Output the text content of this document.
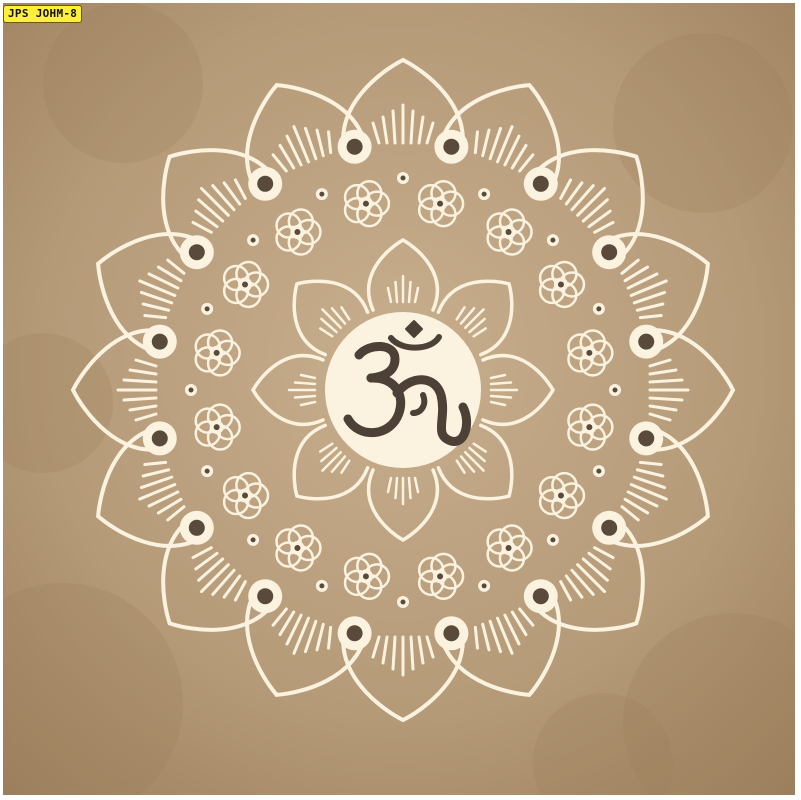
JPS JOHM-8
